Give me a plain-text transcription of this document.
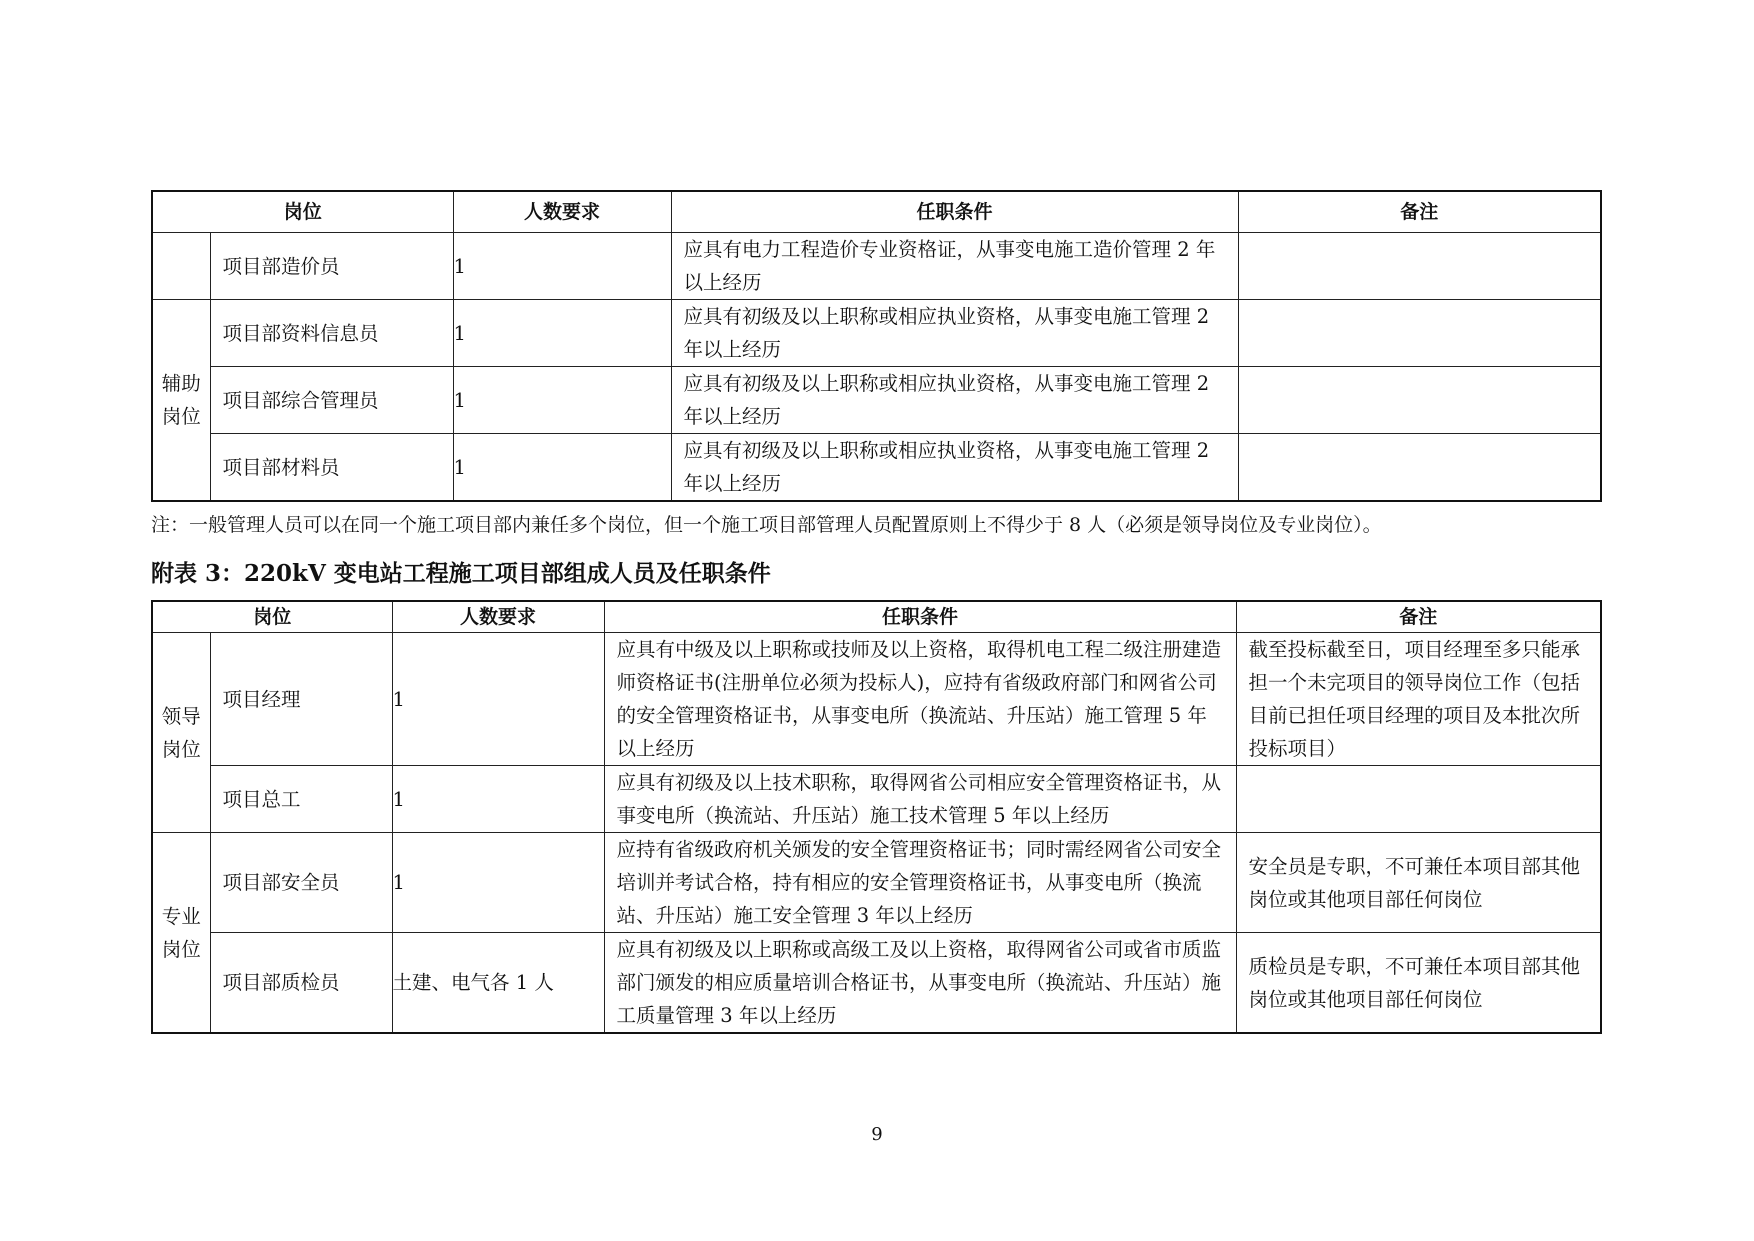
岗位		人数要求	任职条件	备注
	项目部造价员	1	应具有电力工程造价专业资格证，从事变电施工造价管理 2 年以上经历	
辅助岗位	项目部资料信息员	1	应具有初级及以上职称或相应执业资格，从事变电施工管理 2 年以上经历	
	项目部综合管理员	1	应具有初级及以上职称或相应执业资格，从事变电施工管理 2 年以上经历	
	项目部材料员	1	应具有初级及以上职称或相应执业资格，从事变电施工管理 2 年以上经历	
注：一般管理人员可以在同一个施工项目部内兼任多个岗位，但一个施工项目部管理人员配置原则上不得少于 8 人（必须是领导岗位及专业岗位）。
附表 3：220kV 变电站工程施工项目部组成人员及任职条件
岗位		人数要求	任职条件	备注
领导岗位	项目经理	1	应具有中级及以上职称或技师及以上资格，取得机电工程二级注册建造师资格证书(注册单位必须为投标人)，应持有省级政府部门和网省公司的安全管理资格证书，从事变电所（换流站、升压站）施工管理 5 年以上经历	截至投标截至日，项目经理至多只能承担一个未完项目的领导岗位工作（包括目前已担任项目经理的项目及本批次所投标项目）
	项目总工	1	应具有初级及以上技术职称，取得网省公司相应安全管理资格证书，从事变电所（换流站、升压站）施工技术管理 5 年以上经历	
专业岗位	项目部安全员	1	应持有省级政府机关颁发的安全管理资格证书；同时需经网省公司安全培训并考试合格，持有相应的安全管理资格证书，从事变电所（换流站、升压站）施工安全管理 3 年以上经历	安全员是专职，不可兼任本项目部其他岗位或其他项目部任何岗位
	项目部质检员	土建、电气各 1 人	应具有初级及以上职称或高级工及以上资格，取得网省公司或省市质监部门颁发的相应质量培训合格证书，从事变电所（换流站、升压站）施工质量管理 3 年以上经历	质检员是专职，不可兼任本项目部其他岗位或其他项目部任何岗位
9
